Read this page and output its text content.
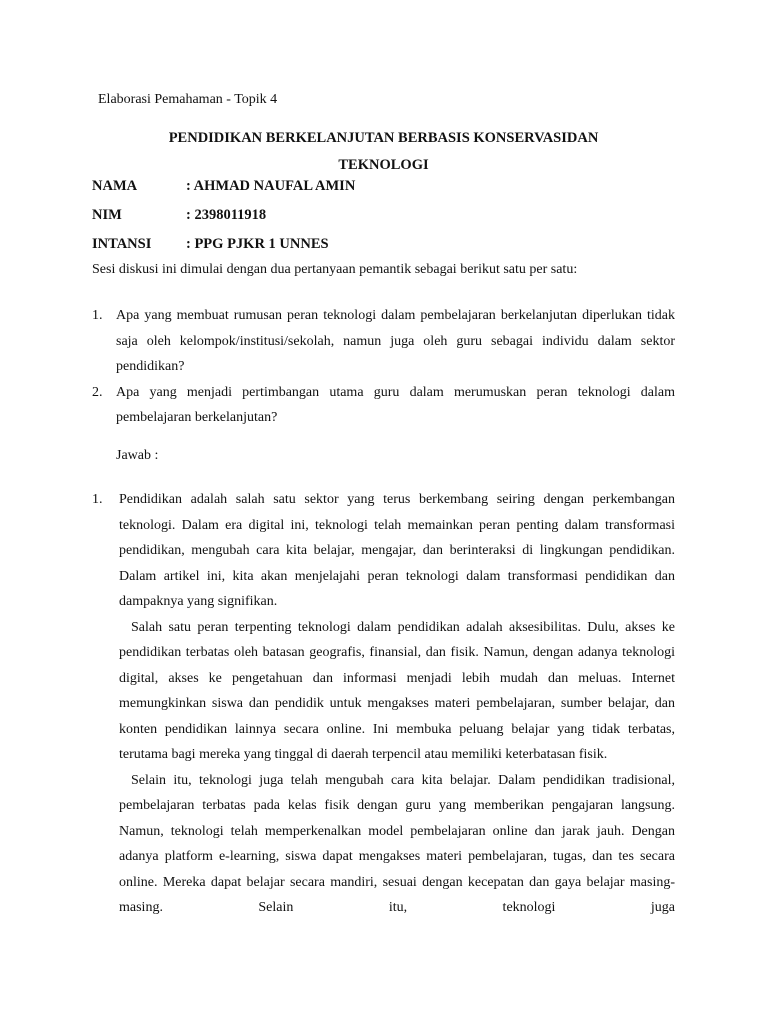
Elaborasi Pemahaman - Topik 4
PENDIDIKAN BERKELANJUTAN BERBASIS KONSERVASIDAN
TEKNOLOGI
NAMA	: AHMAD NAUFAL AMIN
NIM	: 2398011918
INTANSI	: PPG PJKR 1 UNNES
Sesi diskusi ini dimulai dengan dua pertanyaan pemantik sebagai berikut satu per satu:
1. Apa yang membuat rumusan peran teknologi dalam pembelajaran berkelanjutan diperlukan tidak saja oleh kelompok/institusi/sekolah, namun juga oleh guru sebagai individu dalam sektor pendidikan?
2. Apa yang menjadi pertimbangan utama guru dalam merumuskan peran teknologi dalam pembelajaran berkelanjutan?
Jawab :
1. Pendidikan adalah salah satu sektor yang terus berkembang seiring dengan perkembangan teknologi. Dalam era digital ini, teknologi telah memainkan peran penting dalam transformasi pendidikan, mengubah cara kita belajar, mengajar, dan berinteraksi di lingkungan pendidikan. Dalam artikel ini, kita akan menjelajahi peran teknologi dalam transformasi pendidikan dan dampaknya yang signifikan.

Salah satu peran terpenting teknologi dalam pendidikan adalah aksesibilitas. Dulu, akses ke pendidikan terbatas oleh batasan geografis, finansial, dan fisik. Namun, dengan adanya teknologi digital, akses ke pengetahuan dan informasi menjadi lebih mudah dan meluas. Internet memungkinkan siswa dan pendidik untuk mengakses materi pembelajaran, sumber belajar, dan konten pendidikan lainnya secara online. Ini membuka peluang belajar yang tidak terbatas, terutama bagi mereka yang tinggal di daerah terpencil atau memiliki keterbatasan fisik.

Selain itu, teknologi juga telah mengubah cara kita belajar. Dalam pendidikan tradisional, pembelajaran terbatas pada kelas fisik dengan guru yang memberikan pengajaran langsung. Namun, teknologi telah memperkenalkan model pembelajaran online dan jarak jauh. Dengan adanya platform e-learning, siswa dapat mengakses materi pembelajaran, tugas, dan tes secara online. Mereka dapat belajar secara mandiri, sesuai dengan kecepatan dan gaya belajar masing-masing. Selain itu, teknologi juga
